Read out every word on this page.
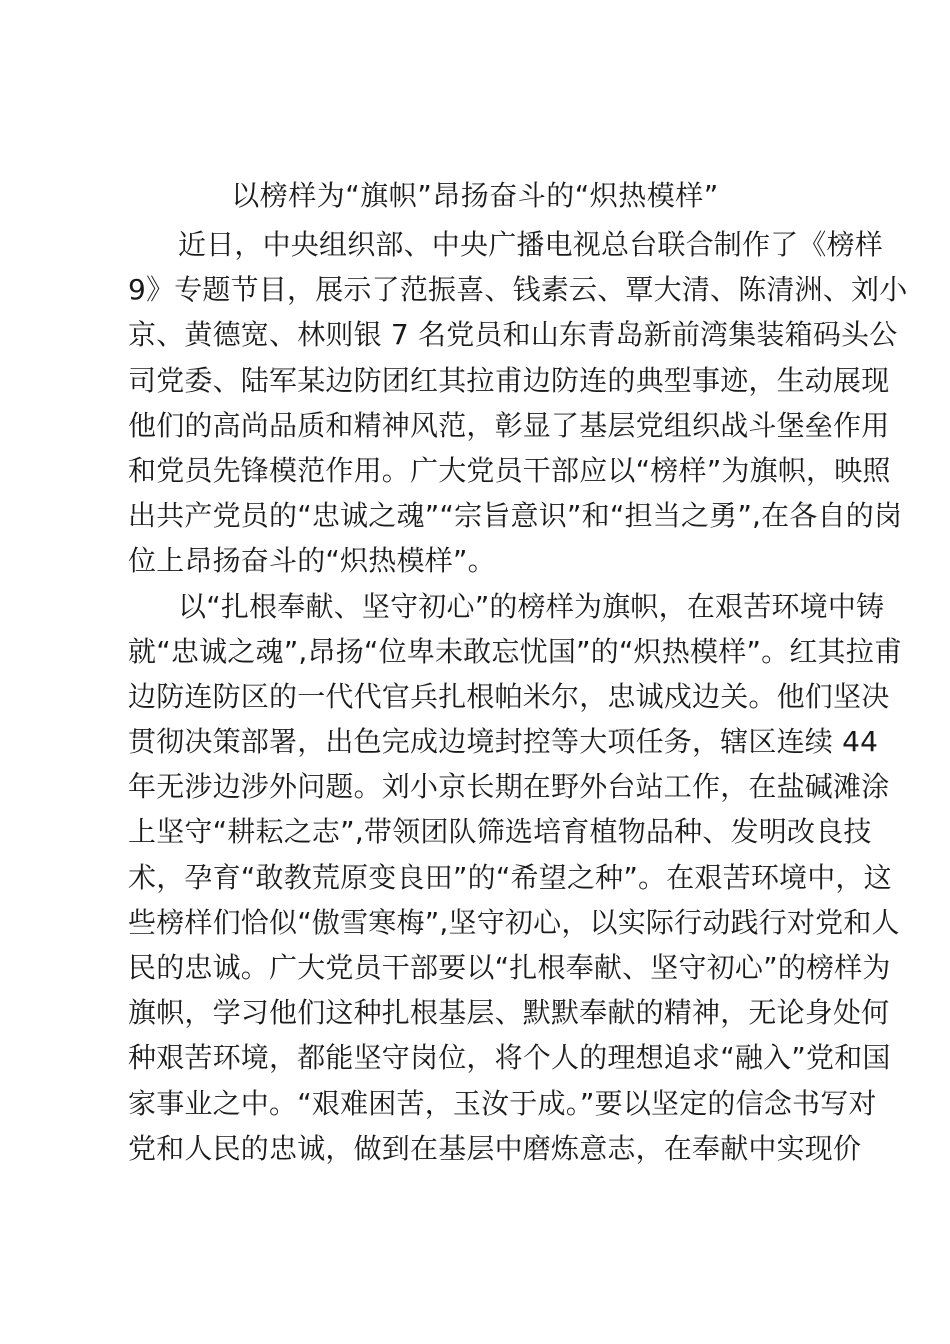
以榜样为“旗帜”昂扬奋斗的“炽热模样”
近日，中央组织部、中央广播电视总台联合制作了《榜样
9》专题节目，展示了范振喜、钱素云、覃大清、陈清洲、刘小
京、黄德宽、林则银 7 名党员和山东青岛新前湾集装箱码头公
司党委、陆军某边防团红其拉甫边防连的典型事迹，生动展现
他们的高尚品质和精神风范，彰显了基层党组织战斗堡垒作用
和党员先锋模范作用。广大党员干部应以“榜样”为旗帜，映照
出共产党员的“忠诚之魂”“宗旨意识”和“担当之勇”,在各自的岗
位上昂扬奋斗的“炽热模样”。
以“扎根奉献、坚守初心”的榜样为旗帜，在艰苦环境中铸
就“忠诚之魂”,昂扬“位卑未敢忘忧国”的“炽热模样”。红其拉甫
边防连防区的一代代官兵扎根帕米尔，忠诚戍边关。他们坚决
贯彻决策部署，出色完成边境封控等大项任务，辖区连续 44
年无涉边涉外问题。刘小京长期在野外台站工作，在盐碱滩涂
上坚守“耕耘之志”,带领团队筛选培育植物品种、发明改良技
术，孕育“敢教荒原变良田”的“希望之种”。在艰苦环境中，这
些榜样们恰似“傲雪寒梅”,坚守初心，以实际行动践行对党和人
民的忠诚。广大党员干部要以“扎根奉献、坚守初心”的榜样为
旗帜，学习他们这种扎根基层、默默奉献的精神，无论身处何
种艰苦环境，都能坚守岗位，将个人的理想追求“融入”党和国
家事业之中。“艰难困苦，玉汝于成。”要以坚定的信念书写对
党和人民的忠诚，做到在基层中磨炼意志，在奉献中实现价
